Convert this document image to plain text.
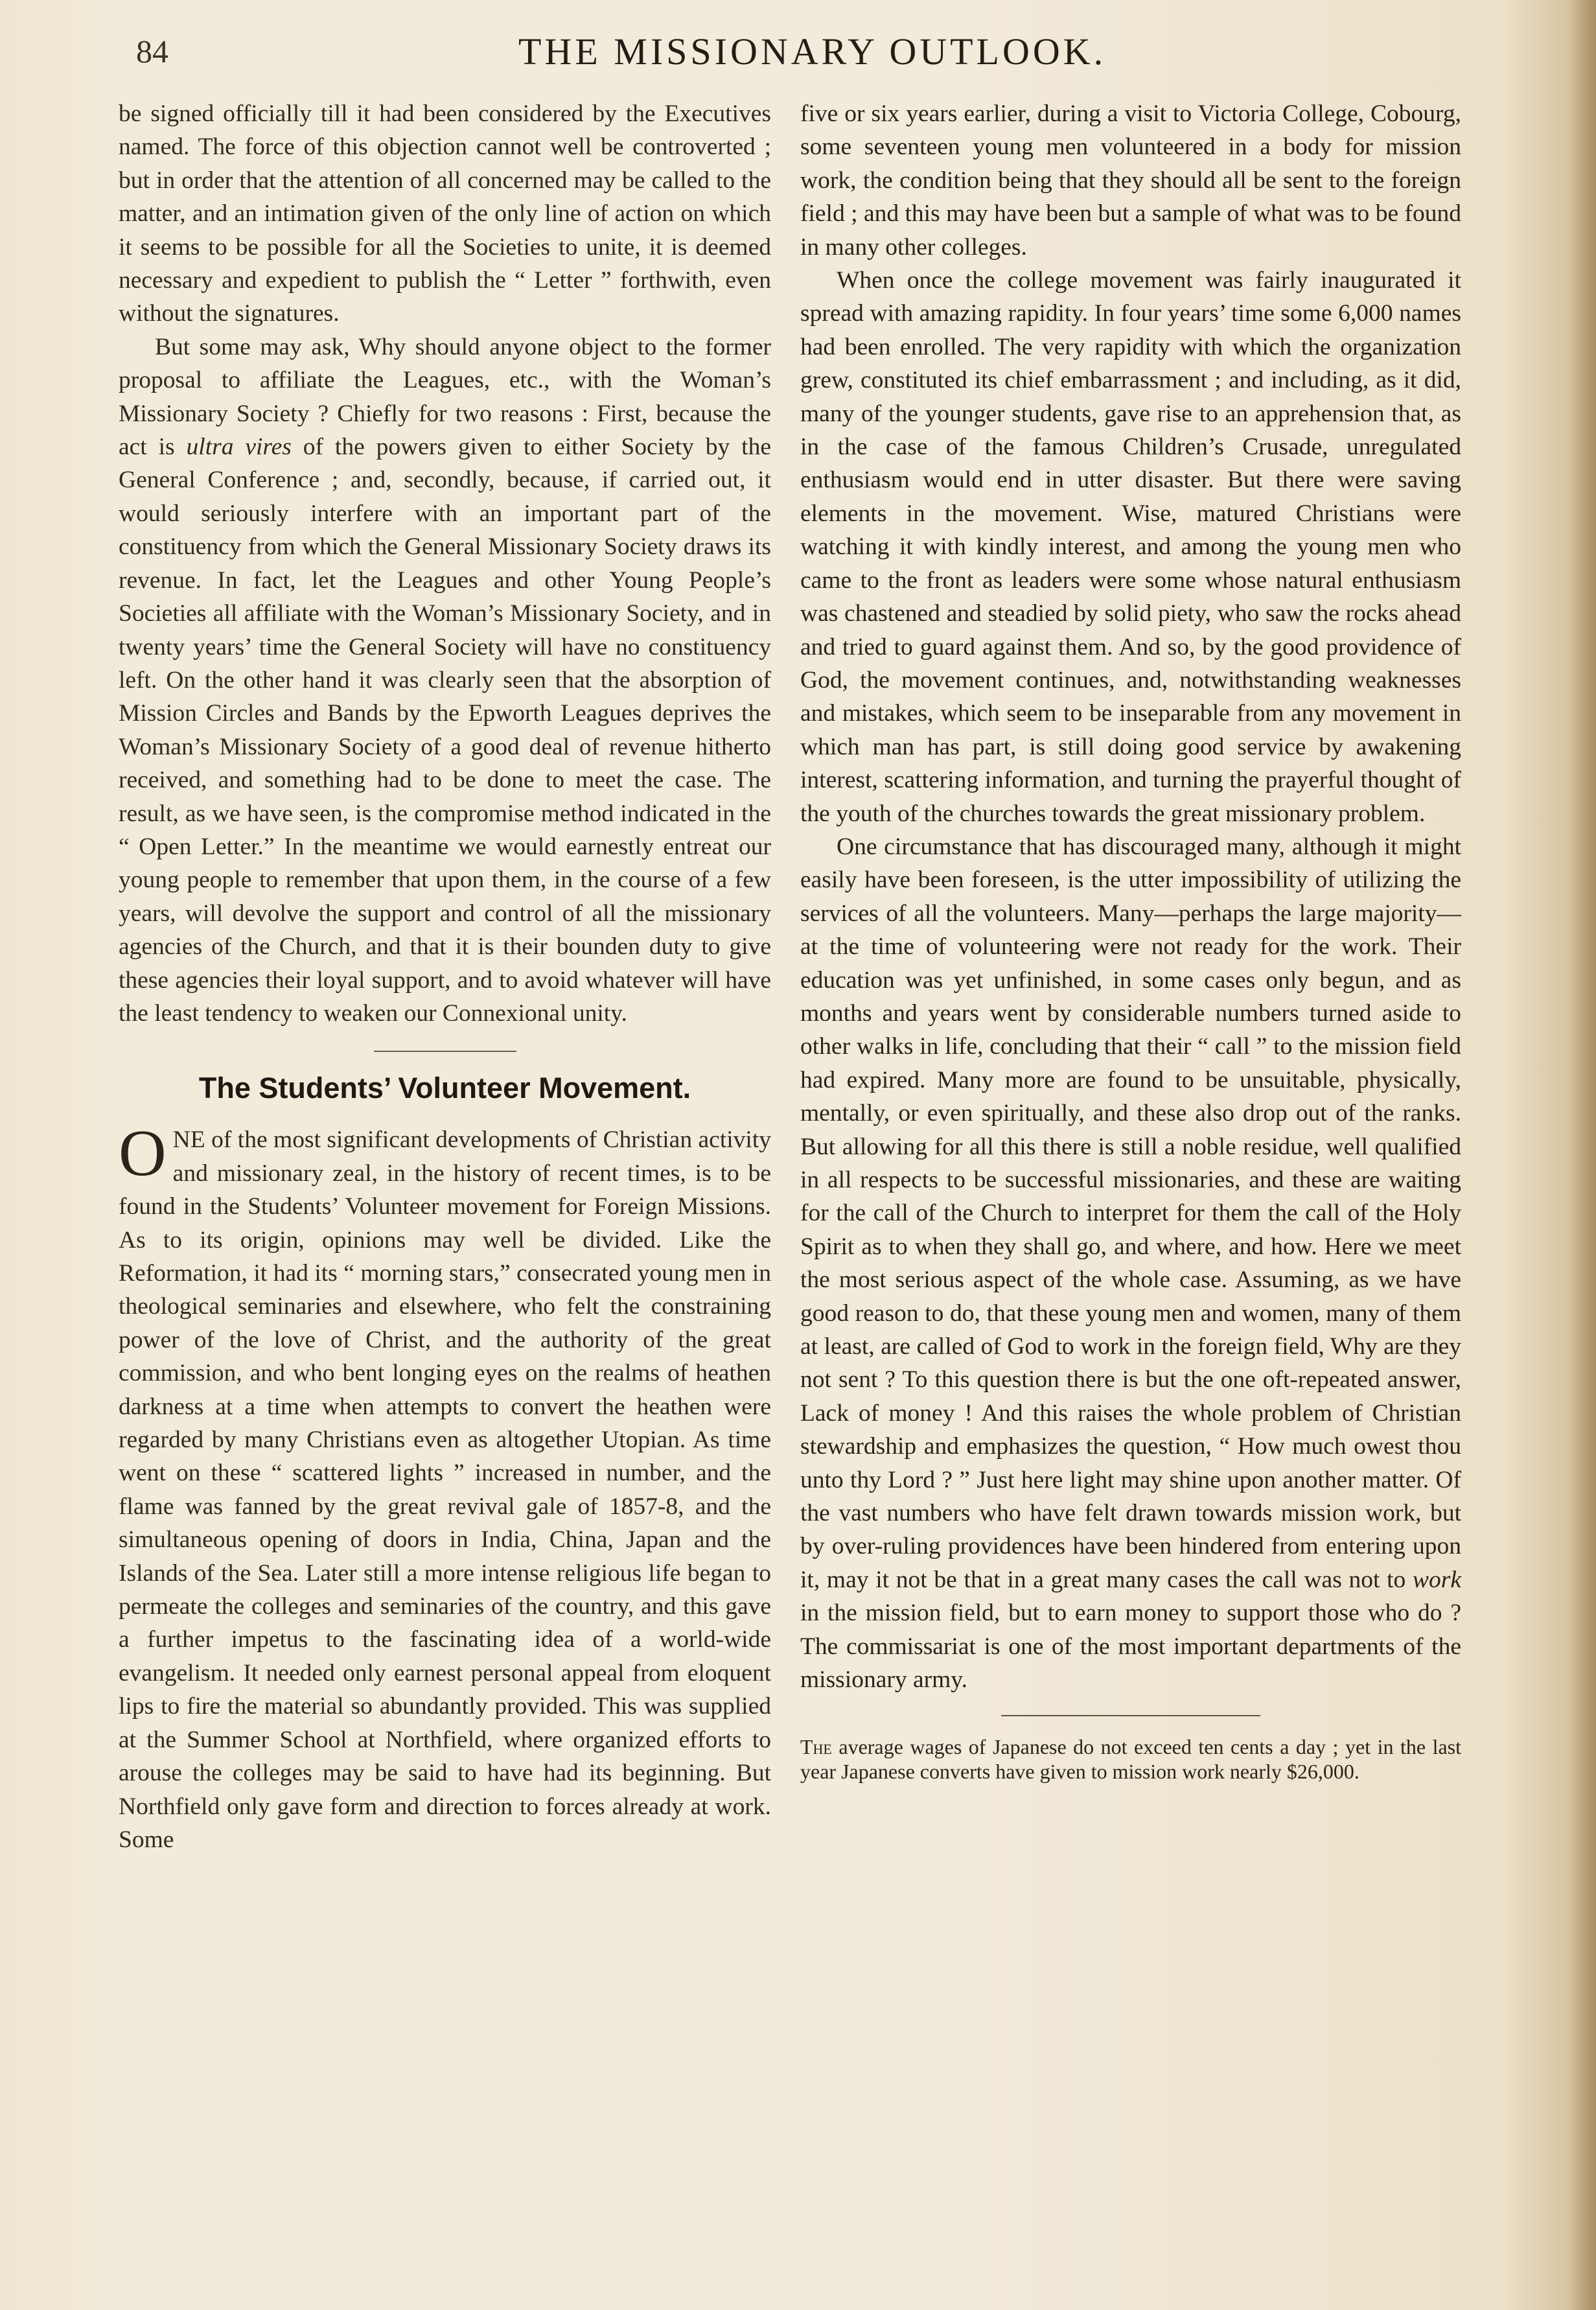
84	THE MISSIONARY OUTLOOK.

be signed officially till it had been considered by the Executives named. The force of this objection cannot well be controverted ; but in order that the attention of all concerned may be called to the matter, and an intimation given of the only line of action on which it seems to be possible for all the Societies to unite, it is deemed necessary and expedient to publish the “ Letter ” forthwith, even without the signatures.

But some may ask, Why should anyone object to the former proposal to affiliate the Leagues, etc., with the Woman’s Missionary Society ? Chiefly for two reasons : First, because the act is ultra vires of the powers given to either Society by the General Conference ; and, secondly, because, if carried out, it would seriously interfere with an important part of the constituency from which the General Missionary Society draws its revenue. In fact, let the Leagues and other Young People’s Societies all affiliate with the Woman’s Missionary Society, and in twenty years’ time the General Society will have no constituency left. On the other hand it was clearly seen that the absorption of Mission Circles and Bands by the Epworth Leagues deprives the Woman’s Missionary Society of a good deal of revenue hitherto received, and something had to be done to meet the case. The result, as we have seen, is the compromise method indicated in the “ Open Letter.” In the meantime we would earnestly entreat our young people to remember that upon them, in the course of a few years, will devolve the support and control of all the missionary agencies of the Church, and that it is their bounden duty to give these agencies their loyal support, and to avoid whatever will have the least tendency to weaken our Connexional unity.

The Students’ Volunteer Movement.

ONE of the most significant developments of Christian activity and missionary zeal, in the history of recent times, is to be found in the Students’ Volunteer movement for Foreign Missions. As to its origin, opinions may well be divided. Like the Reformation, it had its “ morning stars,” consecrated young men in theological seminaries and elsewhere, who felt the constraining power of the love of Christ, and the authority of the great commission, and who bent longing eyes on the realms of heathen darkness at a time when attempts to convert the heathen were regarded by many Christians even as altogether Utopian. As time went on these “ scattered lights ” increased in number, and the flame was fanned by the great revival gale of 1857-8, and the simultaneous opening of doors in India, China, Japan and the Islands of the Sea. Later still a more intense religious life began to permeate the colleges and seminaries of the country, and this gave a further impetus to the fascinating idea of a world-wide evangelism. It needed only earnest personal appeal from eloquent lips to fire the material so abundantly provided. This was supplied at the Summer School at Northfield, where organized efforts to arouse the colleges may be said to have had its beginning. But Northfield only gave form and direction to forces already at work. Some

five or six years earlier, during a visit to Victoria College, Cobourg, some seventeen young men volunteered in a body for mission work, the condition being that they should all be sent to the foreign field ; and this may have been but a sample of what was to be found in many other colleges.

When once the college movement was fairly inaugurated it spread with amazing rapidity. In four years’ time some 6,000 names had been enrolled. The very rapidity with which the organization grew, constituted its chief embarrassment ; and including, as it did, many of the younger students, gave rise to an apprehension that, as in the case of the famous Children’s Crusade, unregulated enthusiasm would end in utter disaster. But there were saving elements in the movement. Wise, matured Christians were watching it with kindly interest, and among the young men who came to the front as leaders were some whose natural enthusiasm was chastened and steadied by solid piety, who saw the rocks ahead and tried to guard against them. And so, by the good providence of God, the movement continues, and, notwithstanding weaknesses and mistakes, which seem to be inseparable from any movement in which man has part, is still doing good service by awakening interest, scattering information, and turning the prayerful thought of the youth of the churches towards the great missionary problem.

One circumstance that has discouraged many, although it might easily have been foreseen, is the utter impossibility of utilizing the services of all the volunteers. Many—perhaps the large majority—at the time of volunteering were not ready for the work. Their education was yet unfinished, in some cases only begun, and as months and years went by considerable numbers turned aside to other walks in life, concluding that their “ call ” to the mission field had expired. Many more are found to be unsuitable, physically, mentally, or even spiritually, and these also drop out of the ranks. But allowing for all this there is still a noble residue, well qualified in all respects to be successful missionaries, and these are waiting for the call of the Church to interpret for them the call of the Holy Spirit as to when they shall go, and where, and how. Here we meet the most serious aspect of the whole case. Assuming, as we have good reason to do, that these young men and women, many of them at least, are called of God to work in the foreign field, Why are they not sent ? To this question there is but the one oft-repeated answer, Lack of money ! And this raises the whole problem of Christian stewardship and emphasizes the question, “ How much owest thou unto thy Lord ? ” Just here light may shine upon another matter. Of the vast numbers who have felt drawn towards mission work, but by over-ruling providences have been hindered from entering upon it, may it not be that in a great many cases the call was not to work in the mission field, but to earn money to support those who do ? The commissariat is one of the most important departments of the missionary army.

The average wages of Japanese do not exceed ten cents a day ; yet in the last year Japanese converts have given to mission work nearly $26,000.
